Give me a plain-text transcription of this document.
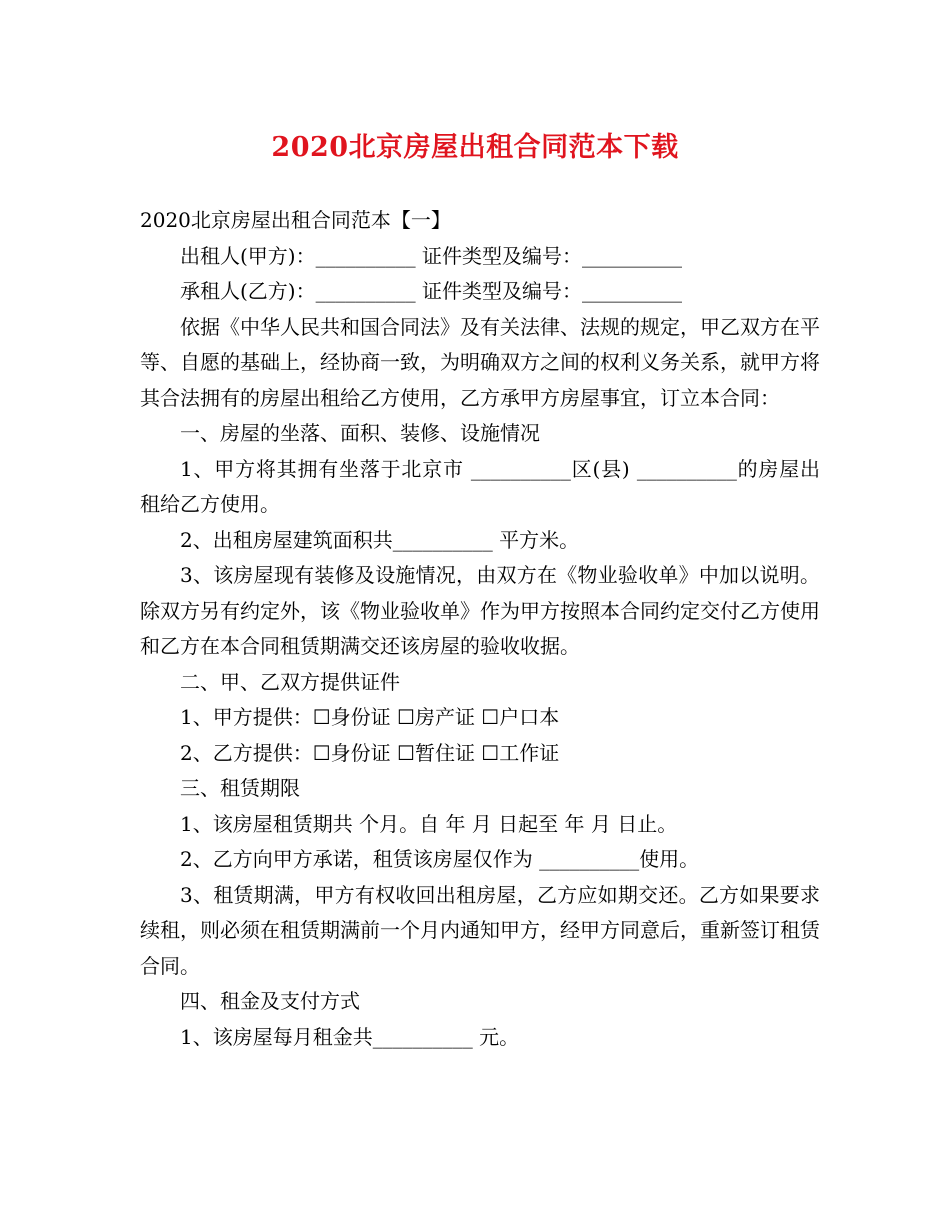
2020北京房屋出租合同范本下载

2020北京房屋出租合同范本【一】

出租人(甲方)：__________ 证件类型及编号：__________

承租人(乙方)：__________ 证件类型及编号：__________

依据《中华人民共和国合同法》及有关法律、法规的规定，甲乙双方在平等、自愿的基础上，经协商一致，为明确双方之间的权利义务关系，就甲方将其合法拥有的房屋出租给乙方使用，乙方承甲方房屋事宜，订立本合同：

一、房屋的坐落、面积、装修、设施情况

1、甲方将其拥有坐落于北京市 __________区(县) __________的房屋出租给乙方使用。

2、出租房屋建筑面积共__________ 平方米。

3、该房屋现有装修及设施情况，由双方在《物业验收单》中加以说明。除双方另有约定外，该《物业验收单》作为甲方按照本合同约定交付乙方使用和乙方在本合同租赁期满交还该房屋的验收收据。

二、甲、乙双方提供证件

1、甲方提供：☐身份证 ☐房产证 ☐户口本

2、乙方提供：☐身份证 ☐暂住证 ☐工作证

三、租赁期限

1、该房屋租赁期共 个月。自 年 月 日起至 年 月 日止。

2、乙方向甲方承诺，租赁该房屋仅作为 __________使用。

3、租赁期满，甲方有权收回出租房屋，乙方应如期交还。乙方如果要求续租，则必须在租赁期满前一个月内通知甲方，经甲方同意后，重新签订租赁合同。

四、租金及支付方式

1、该房屋每月租金共__________ 元。
